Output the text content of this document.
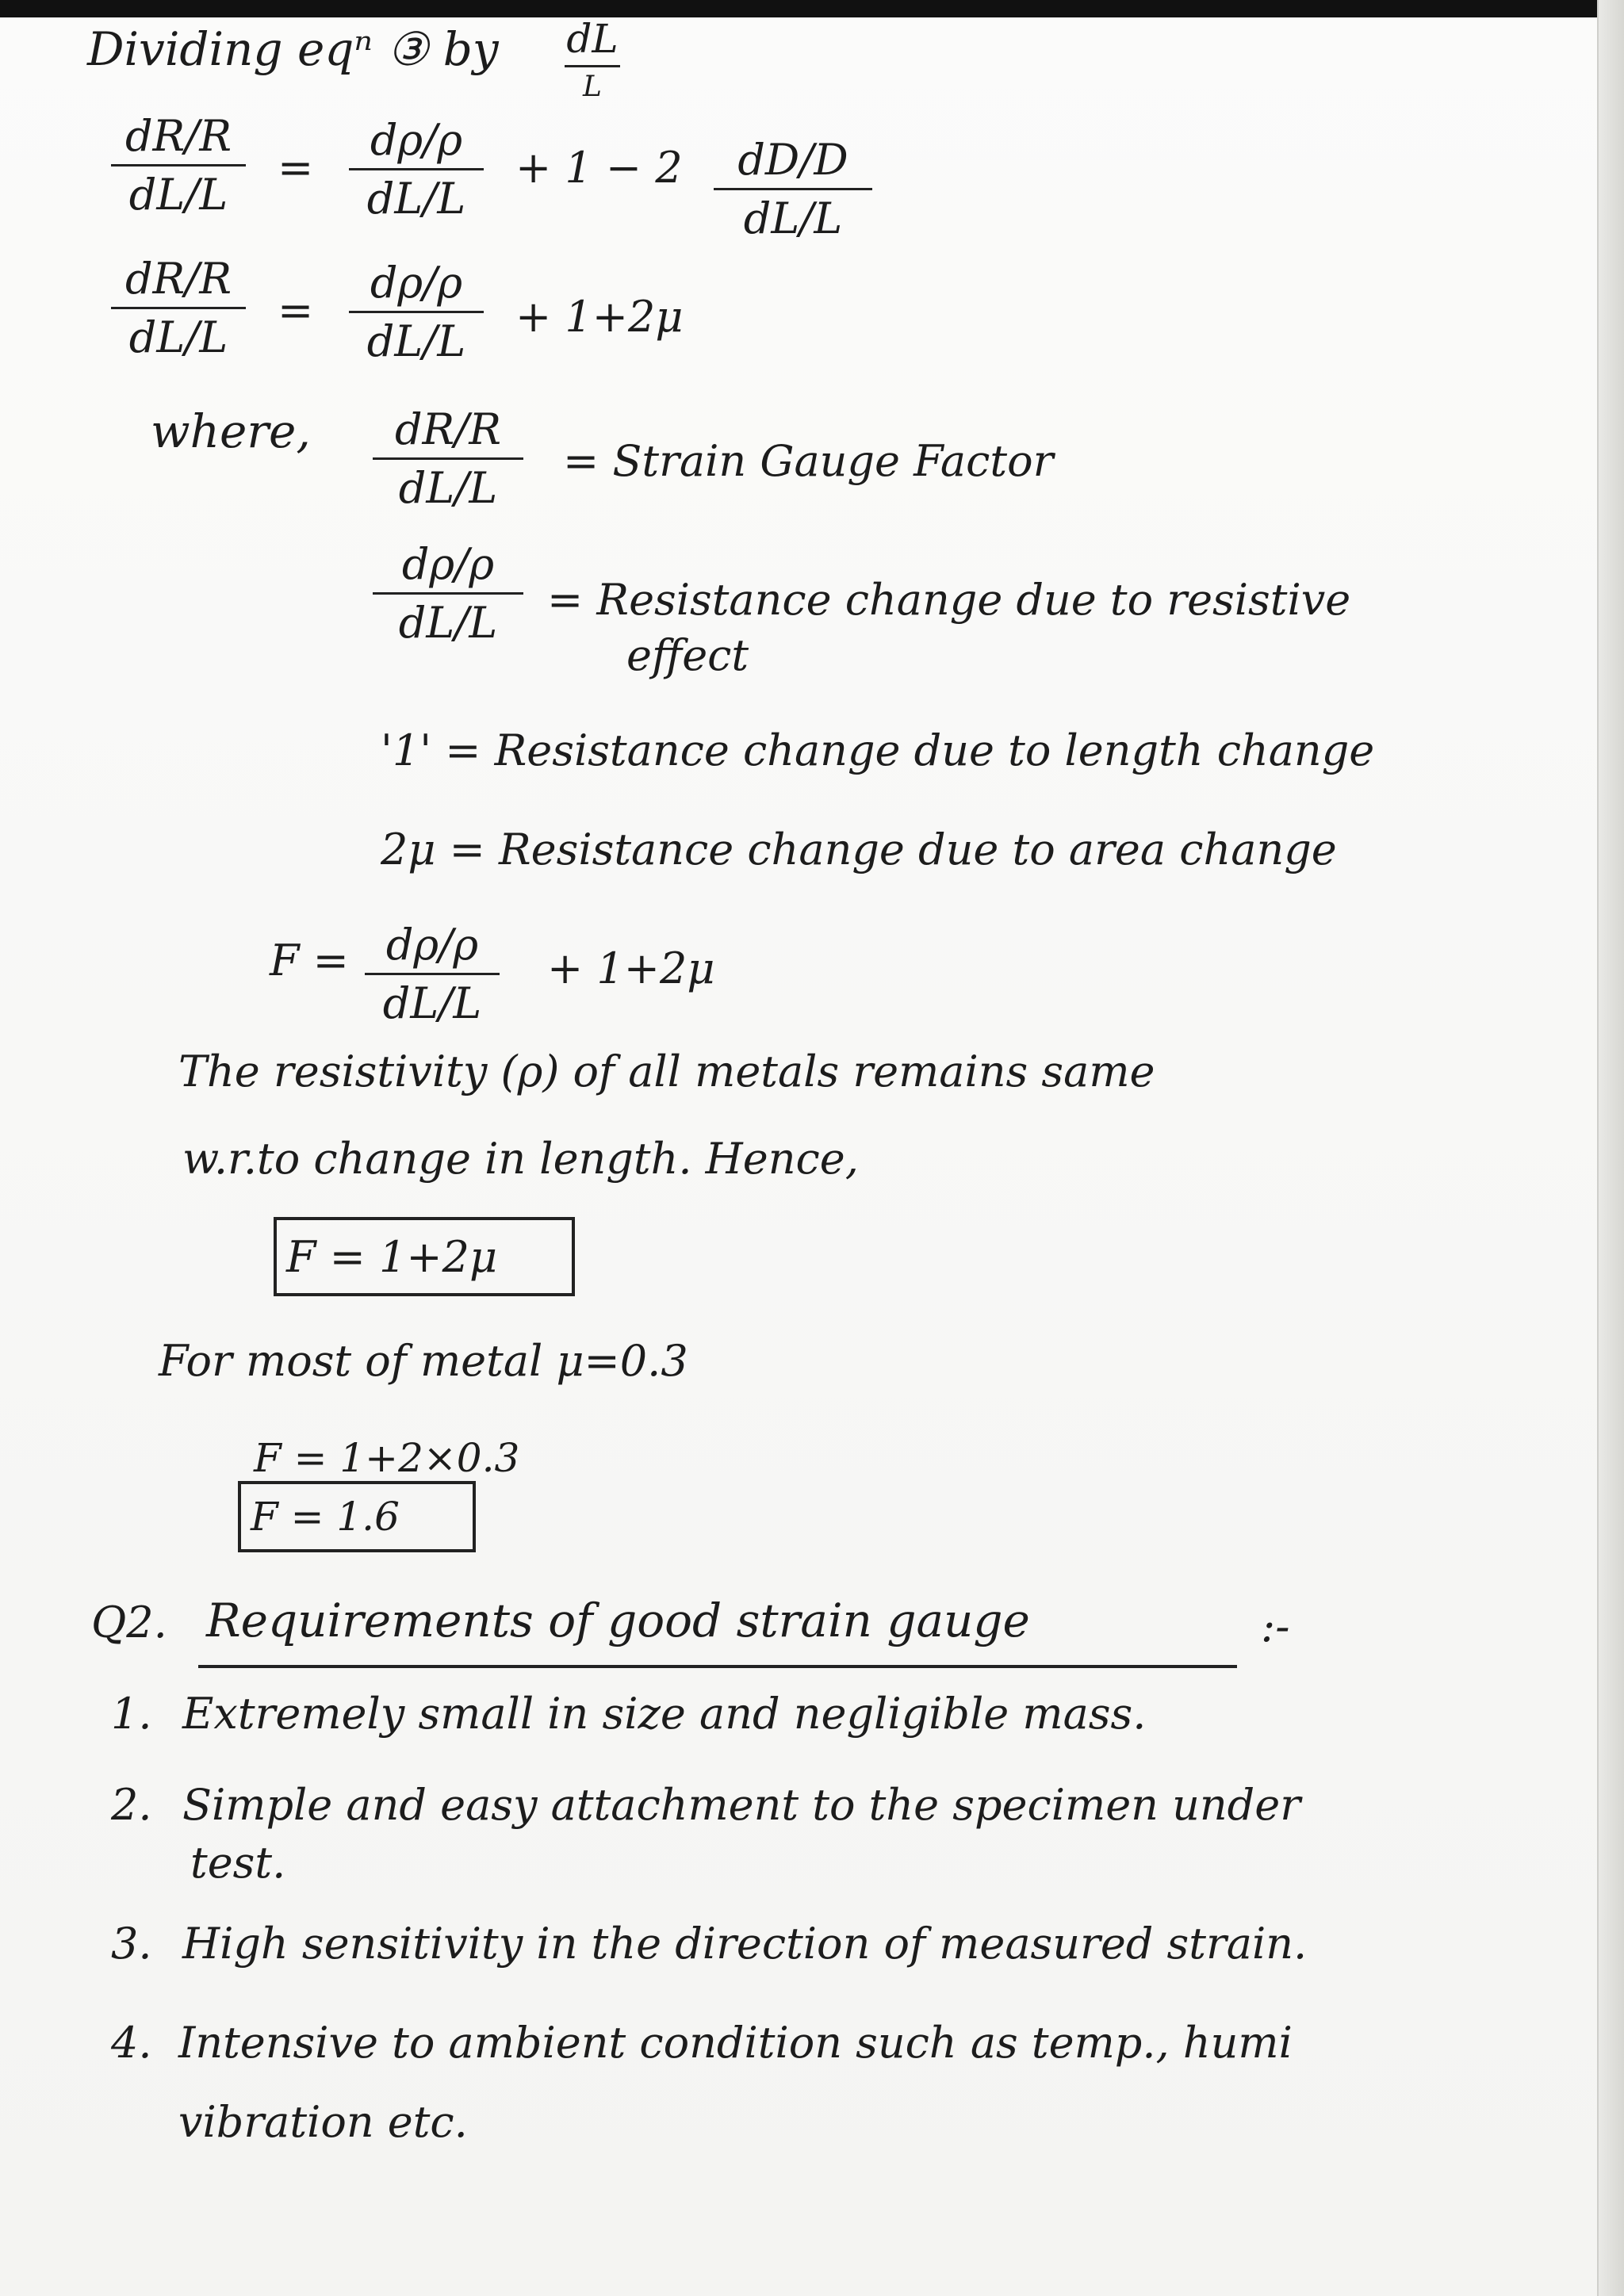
Dividing eqⁿ ③ by dL
L
dR/R
dL/L
=
dρ/ρ
dL/L
+ 1 − 2 dD/D
dL/L
dR/R
dL/L
=
dρ/ρ
dL/L + 1+2μ
where, dR/R
dL/L
= Strain Gauge Factor
dρ/ρ
dL/L = Resistance change due to resistive
effect
'1' = Resistance change due to length change
2μ = Resistance change due to area change
F = dρ/ρ
dL/L
+ 1+2μ
The resistivity (ρ) of all metals remains same
w.r.to change in length. Hence,
F = 1+2μ
For most of metal μ=0.3
F = 1+2×0.3
F = 1.6
Q2. Requirements of good strain gauge	:-
1. Extremely small in size and negligible mass.
2. Simple and easy attachment to the specimen under
test.
3. High sensitivity in the direction of measured strain.
4. Intensive to ambient condition such as temp., humi
vibration etc.
